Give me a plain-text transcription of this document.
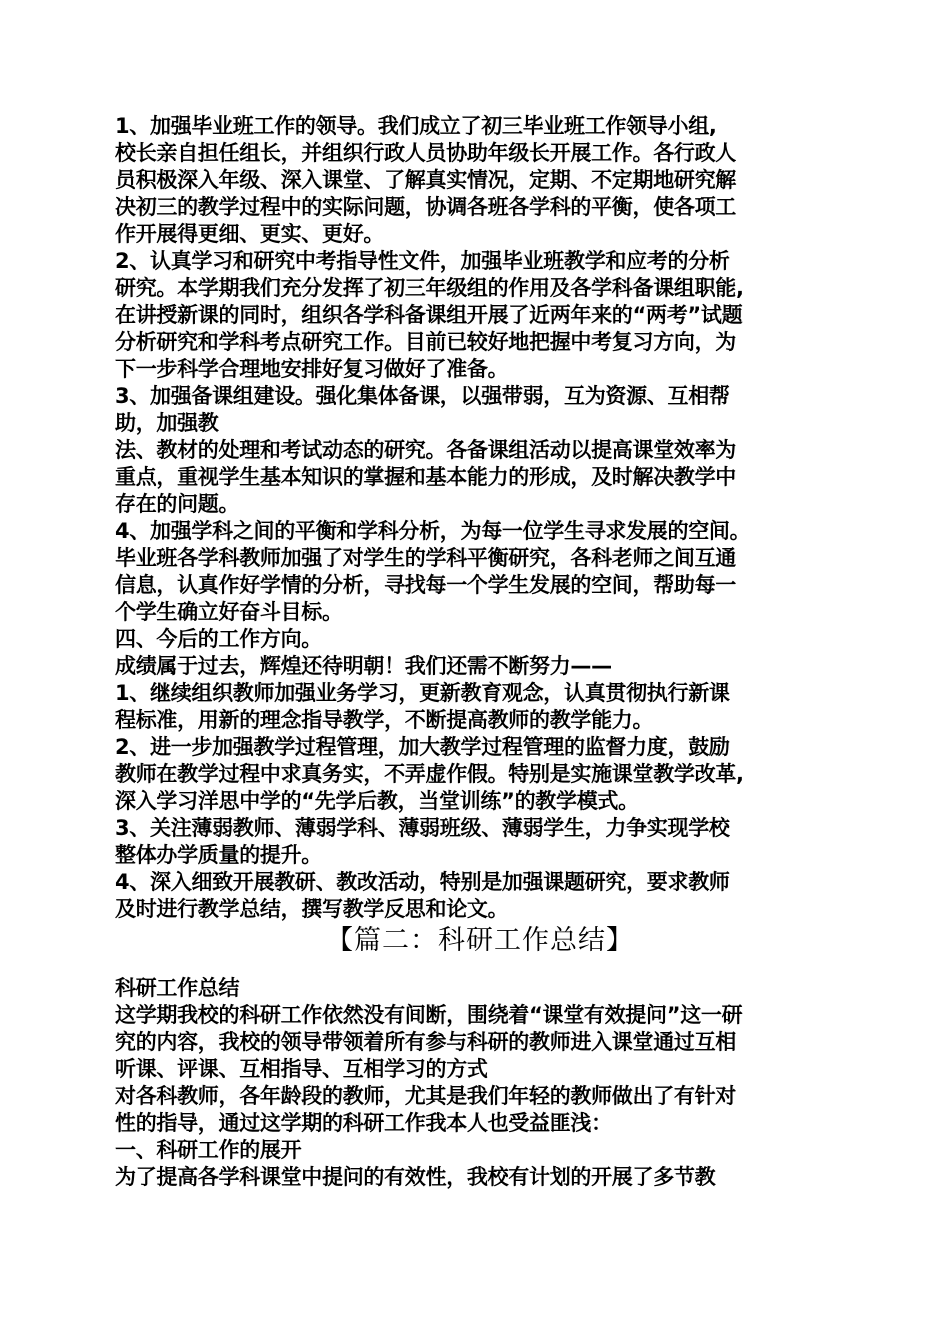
1、加强毕业班工作的领导。我们成立了初三毕业班工作领导小组,
校长亲自担任组长，并组织行政人员协助年级长开展工作。各行政人
员积极深入年级、深入课堂、了解真实情况，定期、不定期地研究解
决初三的教学过程中的实际问题，协调各班各学科的平衡，使各项工
作开展得更细、更实、更好。
2、认真学习和研究中考指导性文件，加强毕业班教学和应考的分析
研究。本学期我们充分发挥了初三年级组的作用及各学科备课组职能,
在讲授新课的同时，组织各学科备课组开展了近两年来的“两考”试题
分析研究和学科考点研究工作。目前已较好地把握中考复习方向，为
下一步科学合理地安排好复习做好了准备。
3、加强备课组建设。强化集体备课，以强带弱，互为资源、互相帮
助，加强教
法、教材的处理和考试动态的研究。各备课组活动以提高课堂效率为
重点，重视学生基本知识的掌握和基本能力的形成，及时解决教学中
存在的问题。
4、加强学科之间的平衡和学科分析，为每一位学生寻求发展的空间。
毕业班各学科教师加强了对学生的学科平衡研究，各科老师之间互通
信息，认真作好学情的分析，寻找每一个学生发展的空间，帮助每一
个学生确立好奋斗目标。
四、今后的工作方向。
成绩属于过去，辉煌还待明朝！我们还需不断努力——
1、继续组织教师加强业务学习，更新教育观念，认真贯彻执行新课
程标准，用新的理念指导教学，不断提高教师的教学能力。
2、进一步加强教学过程管理，加大教学过程管理的监督力度，鼓励
教师在教学过程中求真务实，不弄虚作假。特别是实施课堂教学改革,
深入学习洋思中学的“先学后教，当堂训练”的教学模式。
3、关注薄弱教师、薄弱学科、薄弱班级、薄弱学生，力争实现学校
整体办学质量的提升。
4、深入细致开展教研、教改活动，特别是加强课题研究，要求教师
及时进行教学总结，撰写教学反思和论文。
【篇二：科研工作总结】
科研工作总结
这学期我校的科研工作依然没有间断，围绕着“课堂有效提问”这一研
究的内容，我校的领导带领着所有参与科研的教师进入课堂通过互相
听课、评课、互相指导、互相学习的方式
对各科教师，各年龄段的教师，尤其是我们年轻的教师做出了有针对
性的指导，通过这学期的科研工作我本人也受益匪浅：
一、科研工作的展开
为了提高各学科课堂中提问的有效性，我校有计划的开展了多节教
